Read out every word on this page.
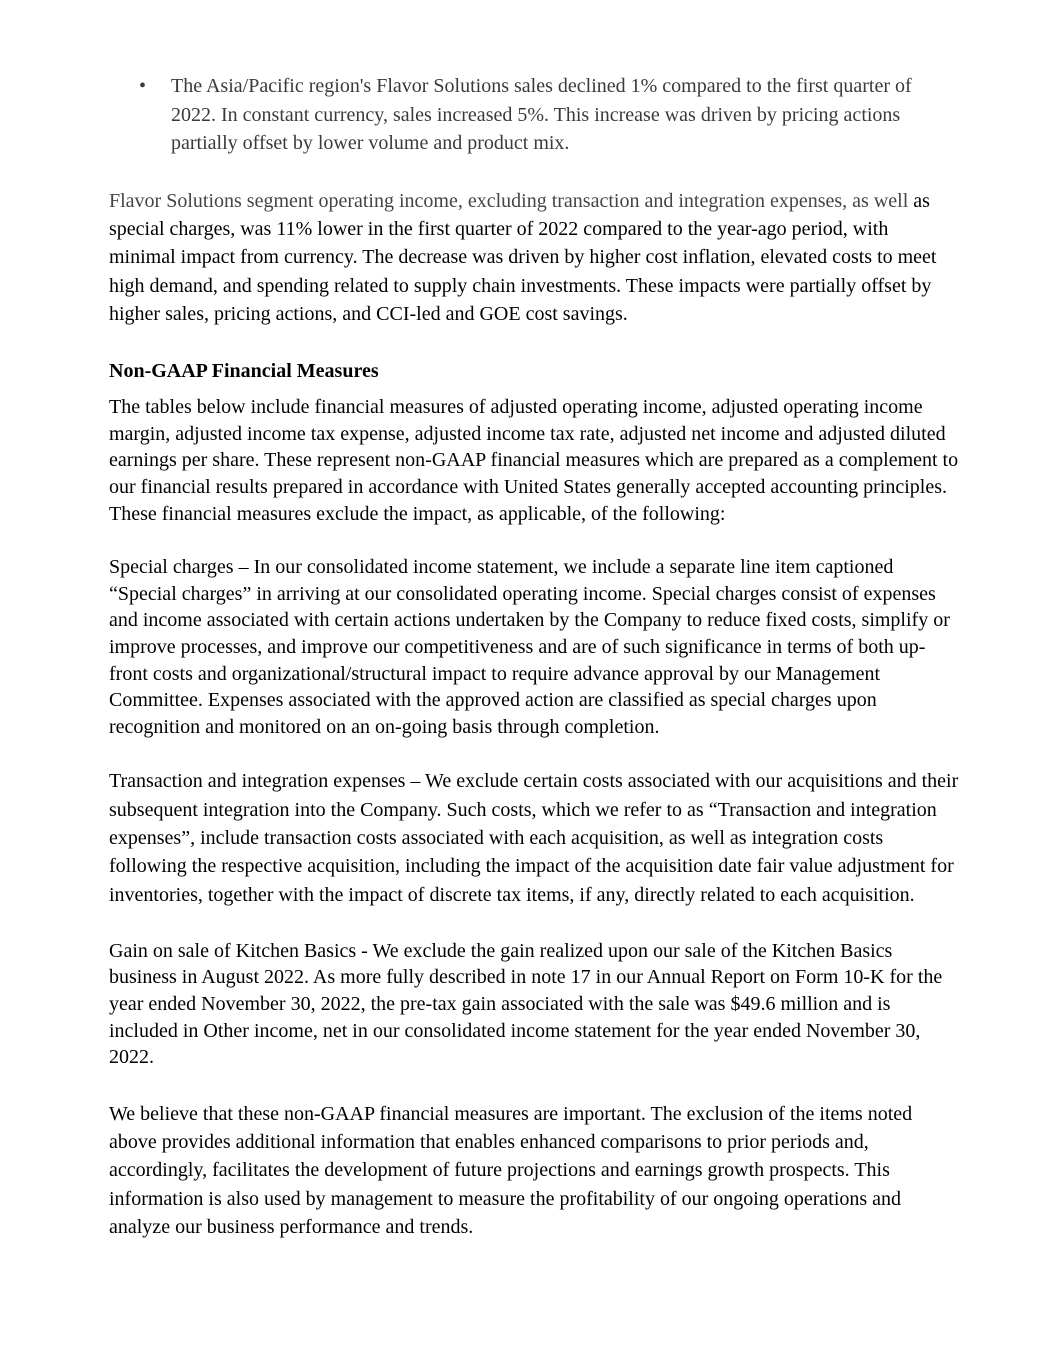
• The Asia/Pacific region's Flavor Solutions sales declined 1% compared to the first quarter of 2022. In constant currency, sales increased 5%. This increase was driven by pricing actions partially offset by lower volume and product mix.

Flavor Solutions segment operating income, excluding transaction and integration expenses, as well as special charges, was 11% lower in the first quarter of 2022 compared to the year-ago period, with minimal impact from currency. The decrease was driven by higher cost inflation, elevated costs to meet high demand, and spending related to supply chain investments. These impacts were partially offset by higher sales, pricing actions, and CCI-led and GOE cost savings.

Non-GAAP Financial Measures

The tables below include financial measures of adjusted operating income, adjusted operating income margin, adjusted income tax expense, adjusted income tax rate, adjusted net income and adjusted diluted earnings per share. These represent non-GAAP financial measures which are prepared as a complement to our financial results prepared in accordance with United States generally accepted accounting principles. These financial measures exclude the impact, as applicable, of the following:

Special charges – In our consolidated income statement, we include a separate line item captioned “Special charges” in arriving at our consolidated operating income. Special charges consist of expenses and income associated with certain actions undertaken by the Company to reduce fixed costs, simplify or improve processes, and improve our competitiveness and are of such significance in terms of both up-front costs and organizational/structural impact to require advance approval by our Management Committee. Expenses associated with the approved action are classified as special charges upon recognition and monitored on an on-going basis through completion.

Transaction and integration expenses – We exclude certain costs associated with our acquisitions and their subsequent integration into the Company. Such costs, which we refer to as “Transaction and integration expenses”, include transaction costs associated with each acquisition, as well as integration costs following the respective acquisition, including the impact of the acquisition date fair value adjustment for inventories, together with the impact of discrete tax items, if any, directly related to each acquisition.

Gain on sale of Kitchen Basics - We exclude the gain realized upon our sale of the Kitchen Basics business in August 2022. As more fully described in note 17 in our Annual Report on Form 10-K for the year ended November 30, 2022, the pre-tax gain associated with the sale was $49.6 million and is included in Other income, net in our consolidated income statement for the year ended November 30, 2022.

We believe that these non-GAAP financial measures are important. The exclusion of the items noted above provides additional information that enables enhanced comparisons to prior periods and, accordingly, facilitates the development of future projections and earnings growth prospects. This information is also used by management to measure the profitability of our ongoing operations and analyze our business performance and trends.
